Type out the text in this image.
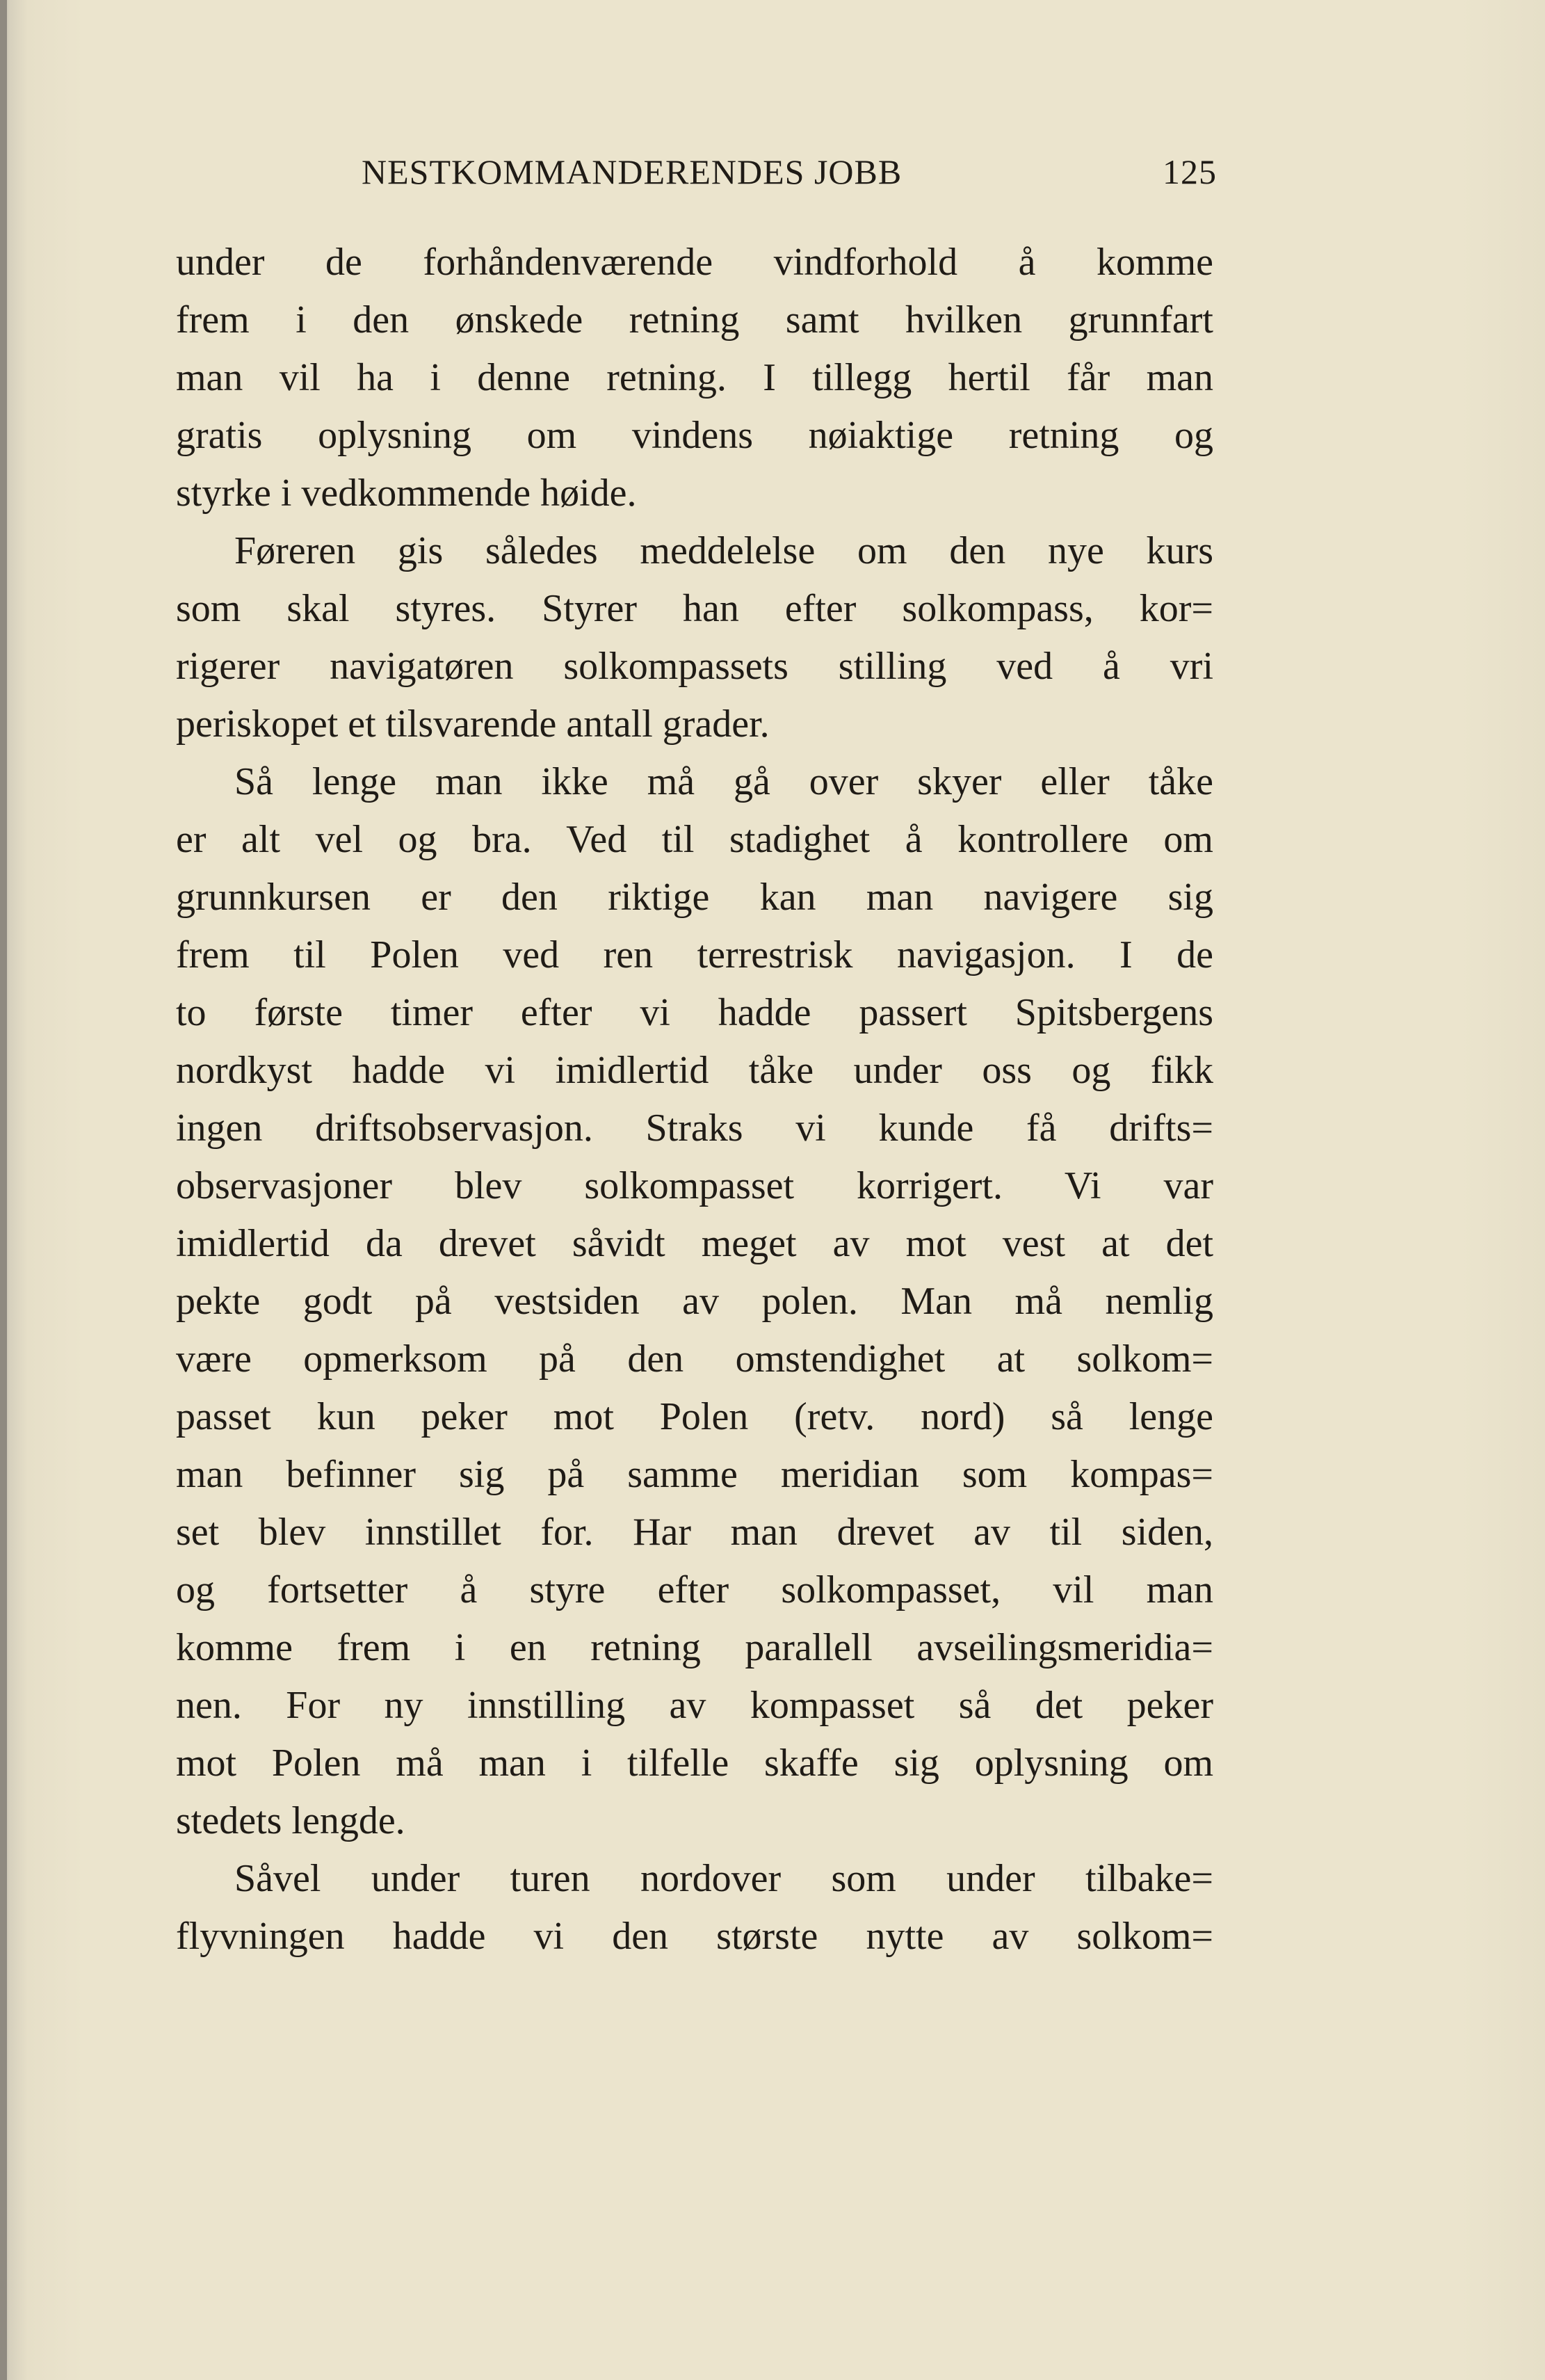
NESTKOMMANDERENDES JOBB	125
under de forhåndenværende vindforhold å komme
frem i den ønskede retning samt hvilken grunnfart
man vil ha i denne retning. I tillegg hertil får man
gratis oplysning om vindens nøiaktige retning og
styrke i vedkommende høide.
Føreren gis således meddelelse om den nye kurs
som skal styres. Styrer han efter solkompass, kor=
rigerer navigatøren solkompassets stilling ved å vri
periskopet et tilsvarende antall grader.
Så lenge man ikke må gå over skyer eller tåke
er alt vel og bra. Ved til stadighet å kontrollere om
grunnkursen er den riktige kan man navigere sig
frem til Polen ved ren terrestrisk navigasjon. I de
to første timer efter vi hadde passert Spitsbergens
nordkyst hadde vi imidlertid tåke under oss og fikk
ingen driftsobservasjon. Straks vi kunde få drifts=
observasjoner blev solkompasset korrigert. Vi var
imidlertid da drevet såvidt meget av mot vest at det
pekte godt på vestsiden av polen. Man må nemlig
være opmerksom på den omstendighet at solkom=
passet kun peker mot Polen (retv. nord) så lenge
man befinner sig på samme meridian som kompas=
set blev innstillet for. Har man drevet av til siden,
og fortsetter å styre efter solkompasset, vil man
komme frem i en retning parallell avseilingsmeridia=
nen. For ny innstilling av kompasset så det peker
mot Polen må man i tilfelle skaffe sig oplysning om
stedets lengde.
Såvel under turen nordover som under tilbake=
flyvningen hadde vi den største nytte av solkom=
